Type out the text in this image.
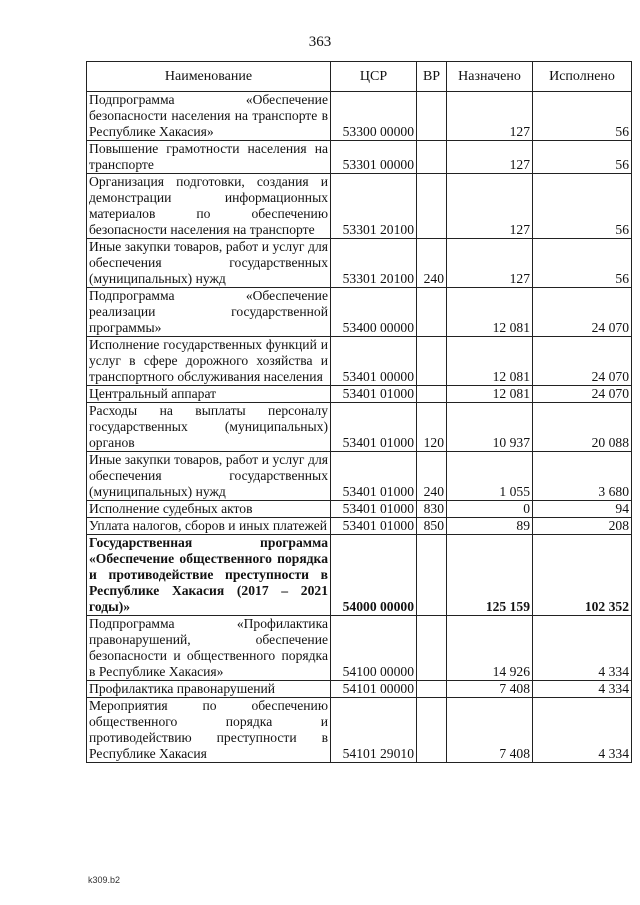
363
Наименование	ЦСР	ВР	Назначено	Исполнено
Подпрограмма «Обеспечение безопасности населения на транспорте в Республике Хакасия»	53300 00000		127	56
Повышение грамотности населения на транспорте	53301 00000		127	56
Организация подготовки, создания и демонстрации информационных материалов по обеспечению безопасности населения на транспорте	53301 20100		127	56
Иные закупки товаров, работ и услуг для обеспечения государственных (муниципальных) нужд	53301 20100	240	127	56
Подпрограмма «Обеспечение реализации государственной программы»	53400 00000		12 081	24 070
Исполнение государственных функций и услуг в сфере дорожного хозяйства и транспортного обслуживания населения	53401 00000		12 081	24 070
Центральный аппарат	53401 01000		12 081	24 070
Расходы на выплаты персоналу государственных (муниципальных) органов	53401 01000	120	10 937	20 088
Иные закупки товаров, работ и услуг для обеспечения государственных (муниципальных) нужд	53401 01000	240	1 055	3 680
Исполнение судебных актов	53401 01000	830	0	94
Уплата налогов, сборов и иных платежей	53401 01000	850	89	208
Государственная программа «Обеспечение общественного порядка и противодействие преступности в Республике Хакасия (2017 – 2021 годы)»	54000 00000		125 159	102 352
Подпрограмма «Профилактика правонарушений, обеспечение безопасности и общественного порядка в Республике Хакасия»	54100 00000		14 926	4 334
Профилактика правонарушений	54101 00000		7 408	4 334
Мероприятия по обеспечению общественного порядка и противодействию преступности в Республике Хакасия	54101 29010		7 408	4 334
k309.b2
